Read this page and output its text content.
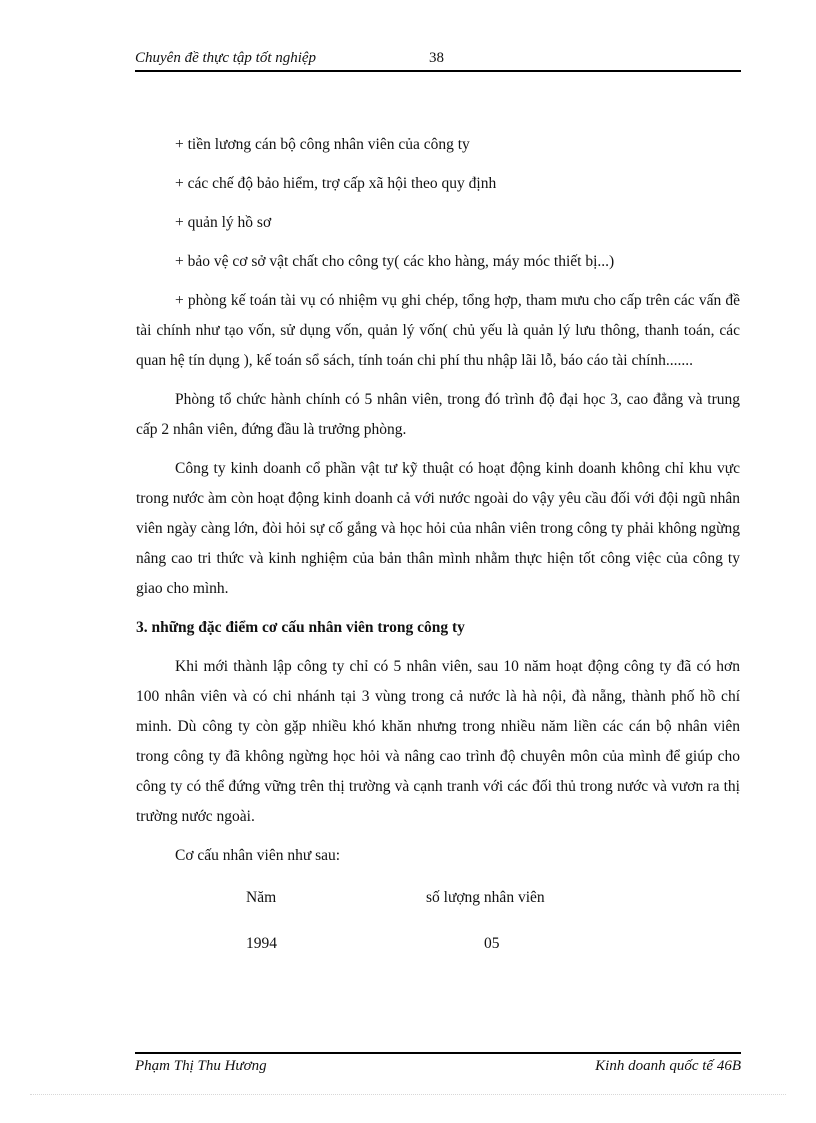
Chuyên đề thực tập tốt nghiệp	38

+ tiền lương cán bộ công nhân viên của công ty

+ các chế độ bảo hiểm, trợ cấp xã hội theo quy định

+ quản lý hồ sơ

+ bảo vệ cơ sở vật chất cho công ty( các kho hàng, máy móc thiết bị...)

+ phòng kế toán tài vụ có nhiệm vụ ghi chép, tổng hợp, tham mưu cho cấp trên các vấn đề tài chính như tạo vốn, sử dụng vốn, quản lý vốn( chủ yếu là quản lý lưu thông, thanh toán, các quan hệ tín dụng ), kế toán sổ sách, tính toán chi phí thu nhập lãi lỗ, báo cáo tài chính.......

Phòng tổ chức hành chính có 5 nhân viên, trong đó trình độ đại học 3, cao đẳng và trung cấp 2 nhân viên, đứng đầu là trưởng phòng.

Công ty kinh doanh cổ phần vật tư kỹ thuật có hoạt động kinh doanh không chỉ khu vực trong nước àm còn hoạt động kinh doanh cả với nước ngoài do vậy yêu cầu đối với đội ngũ nhân viên ngày càng lớn, đòi hỏi sự cố gắng và học hỏi của nhân viên trong công ty phải không ngừng nâng cao tri thức và kinh nghiệm của bản thân mình nhằm thực hiện tốt công việc của công ty giao cho mình.

3. những đặc điểm cơ cấu nhân viên trong công ty

Khi mới thành lập công ty chỉ có 5 nhân viên, sau 10 năm hoạt động công ty đã có hơn 100 nhân viên và có chi nhánh tại 3 vùng trong cả nước là hà nội, đà nẵng, thành phố hồ chí minh. Dù công ty còn gặp nhiều khó khăn nhưng trong nhiều năm liền các cán bộ nhân viên trong công ty đã không ngừng học hỏi và nâng cao trình độ chuyên môn của mình để giúp cho công ty có thể đứng vững trên thị trường và cạnh tranh với các đối thủ trong nước và vươn ra thị trường nước ngoài.

Cơ cấu nhân viên như sau:

Năm	số lượng nhân viên
1994	05
Phạm Thị Thu Hương	Kinh doanh quốc tế 46B
